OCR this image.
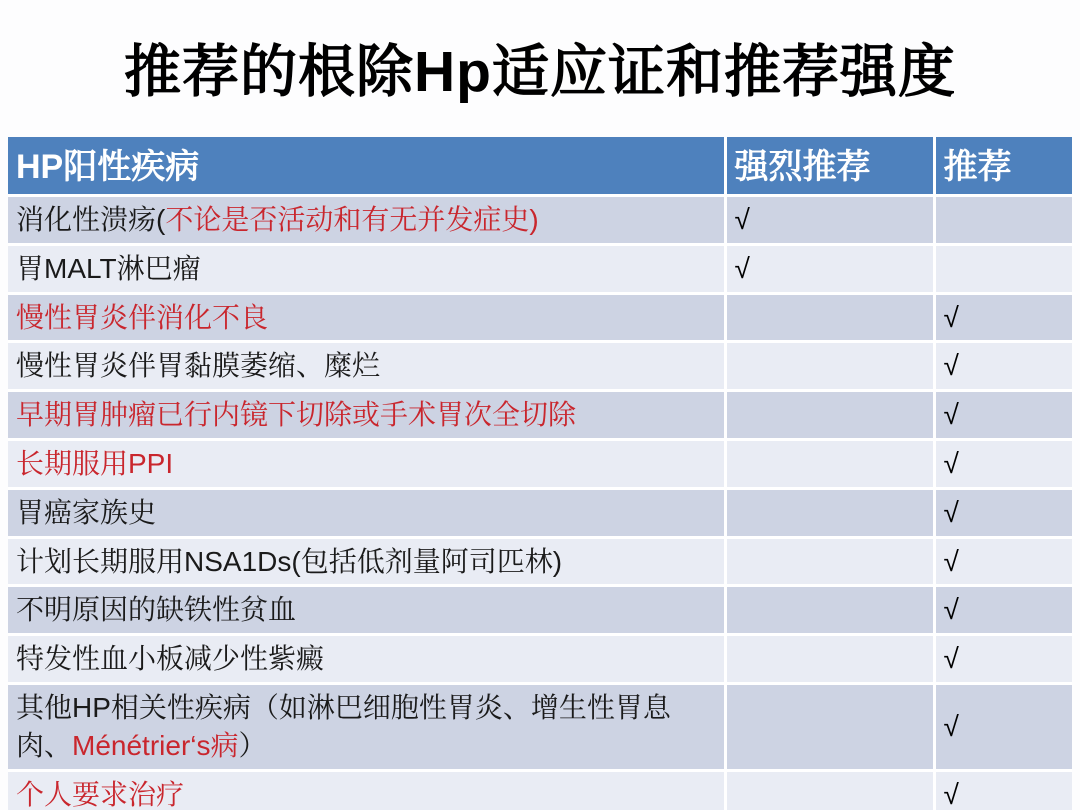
推荐的根除Hp适应证和推荐强度
HP阳性疾病	强烈推荐	推荐
消化性溃疡(不论是否活动和有无并发症史)	√	
胃MALT淋巴瘤	√	
慢性胃炎伴消化不良		√
慢性胃炎伴胃黏膜萎缩、糜烂		√
早期胃肿瘤已行内镜下切除或手术胃次全切除		√
长期服用PPI		√
胃癌家族史		√
计划长期服用NSA1Ds(包括低剂量阿司匹林)		√
不明原因的缺铁性贫血		√
特发性血小板减少性紫癜		√
其他HP相关性疾病（如淋巴细胞性胃炎、增生性胃息肉、Ménétrier‘s病）		√
个人要求治疗		√
